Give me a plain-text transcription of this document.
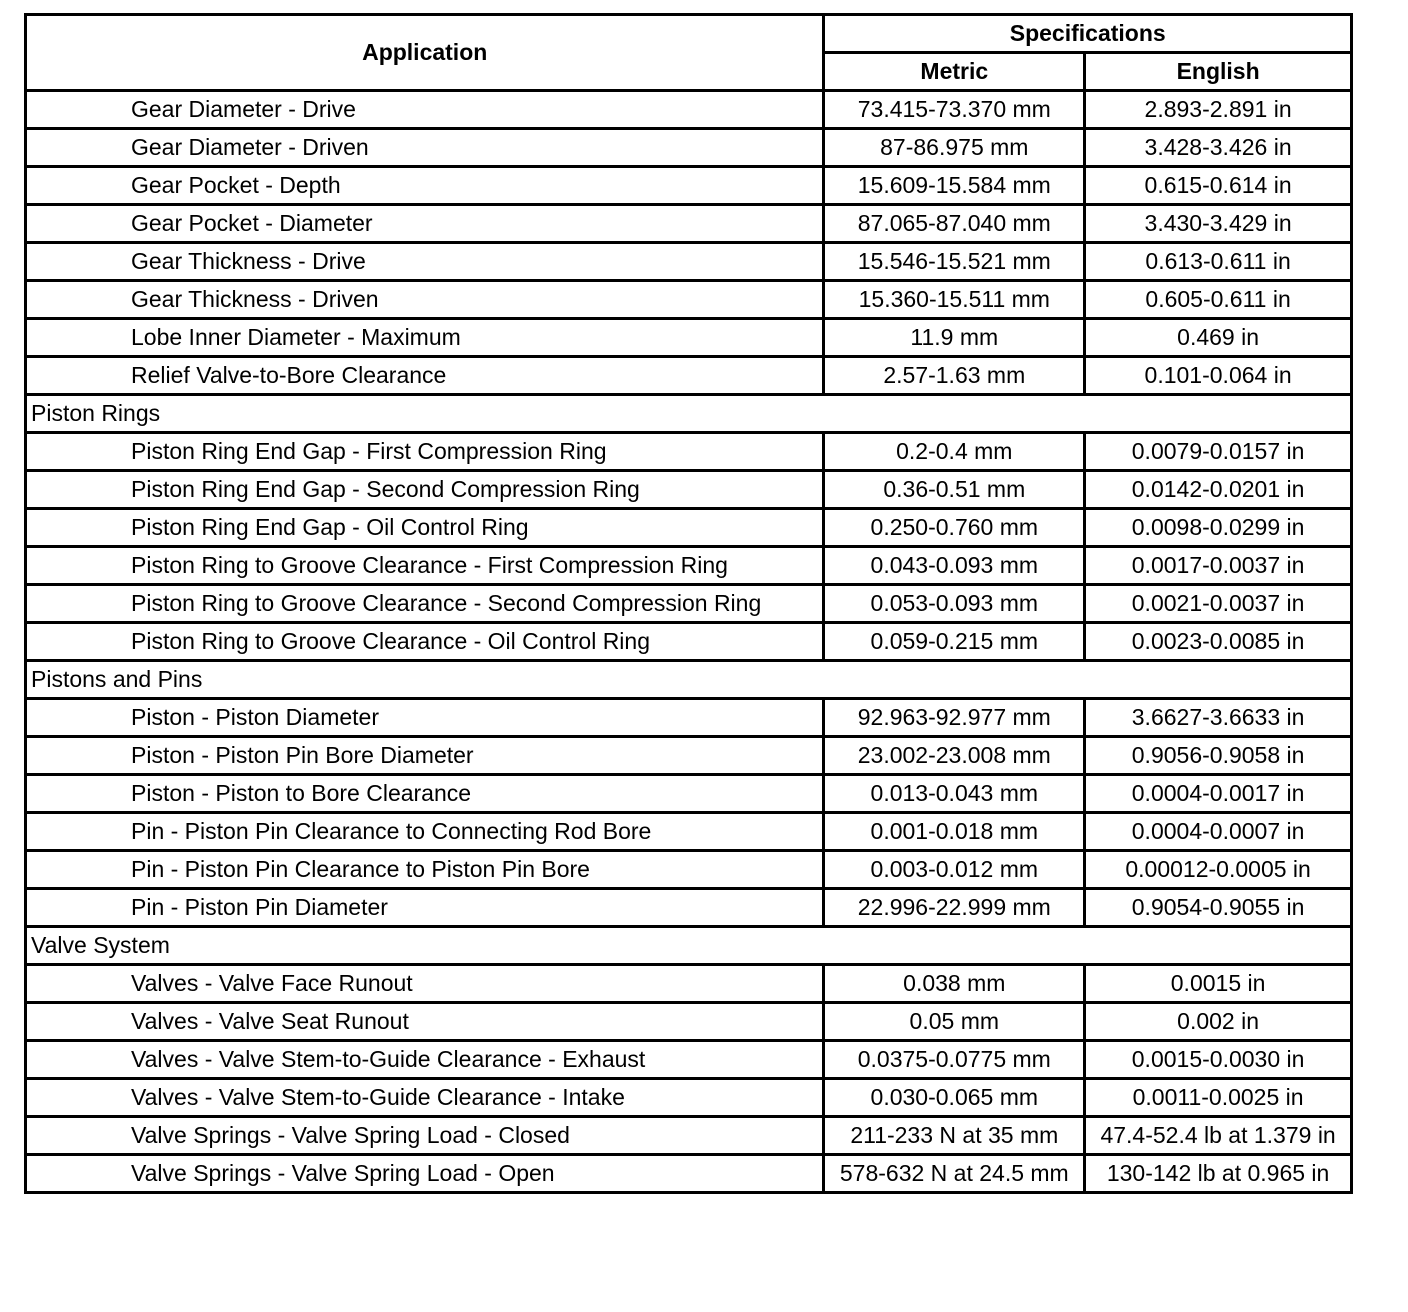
Application	Specifications	
	Metric	English
Gear Diameter - Drive	73.415-73.370 mm	2.893-2.891 in
Gear Diameter - Driven	87-86.975 mm	3.428-3.426 in
Gear Pocket - Depth	15.609-15.584 mm	0.615-0.614 in
Gear Pocket - Diameter	87.065-87.040 mm	3.430-3.429 in
Gear Thickness - Drive	15.546-15.521 mm	0.613-0.611 in
Gear Thickness - Driven	15.360-15.511 mm	0.605-0.611 in
Lobe Inner Diameter - Maximum	11.9 mm	0.469 in
Relief Valve-to-Bore Clearance	2.57-1.63 mm	0.101-0.064 in
Piston Rings		
Piston Ring End Gap - First Compression Ring	0.2-0.4 mm	0.0079-0.0157 in
Piston Ring End Gap - Second Compression Ring	0.36-0.51 mm	0.0142-0.0201 in
Piston Ring End Gap - Oil Control Ring	0.250-0.760 mm	0.0098-0.0299 in
Piston Ring to Groove Clearance - First Compression Ring	0.043-0.093 mm	0.0017-0.0037 in
Piston Ring to Groove Clearance - Second Compression Ring	0.053-0.093 mm	0.0021-0.0037 in
Piston Ring to Groove Clearance - Oil Control Ring	0.059-0.215 mm	0.0023-0.0085 in
Pistons and Pins		
Piston - Piston Diameter	92.963-92.977 mm	3.6627-3.6633 in
Piston - Piston Pin Bore Diameter	23.002-23.008 mm	0.9056-0.9058 in
Piston - Piston to Bore Clearance	0.013-0.043 mm	0.0004-0.0017 in
Pin - Piston Pin Clearance to Connecting Rod Bore	0.001-0.018 mm	0.0004-0.0007 in
Pin - Piston Pin Clearance to Piston Pin Bore	0.003-0.012 mm	0.00012-0.0005 in
Pin - Piston Pin Diameter	22.996-22.999 mm	0.9054-0.9055 in
Valve System		
Valves - Valve Face Runout	0.038 mm	0.0015 in
Valves - Valve Seat Runout	0.05 mm	0.002 in
Valves - Valve Stem-to-Guide Clearance - Exhaust	0.0375-0.0775 mm	0.0015-0.0030 in
Valves - Valve Stem-to-Guide Clearance - Intake	0.030-0.065 mm	0.0011-0.0025 in
Valve Springs - Valve Spring Load - Closed	211-233 N at 35 mm	47.4-52.4 lb at 1.379 in
Valve Springs - Valve Spring Load - Open	578-632 N at 24.5 mm	130-142 lb at 0.965 in
